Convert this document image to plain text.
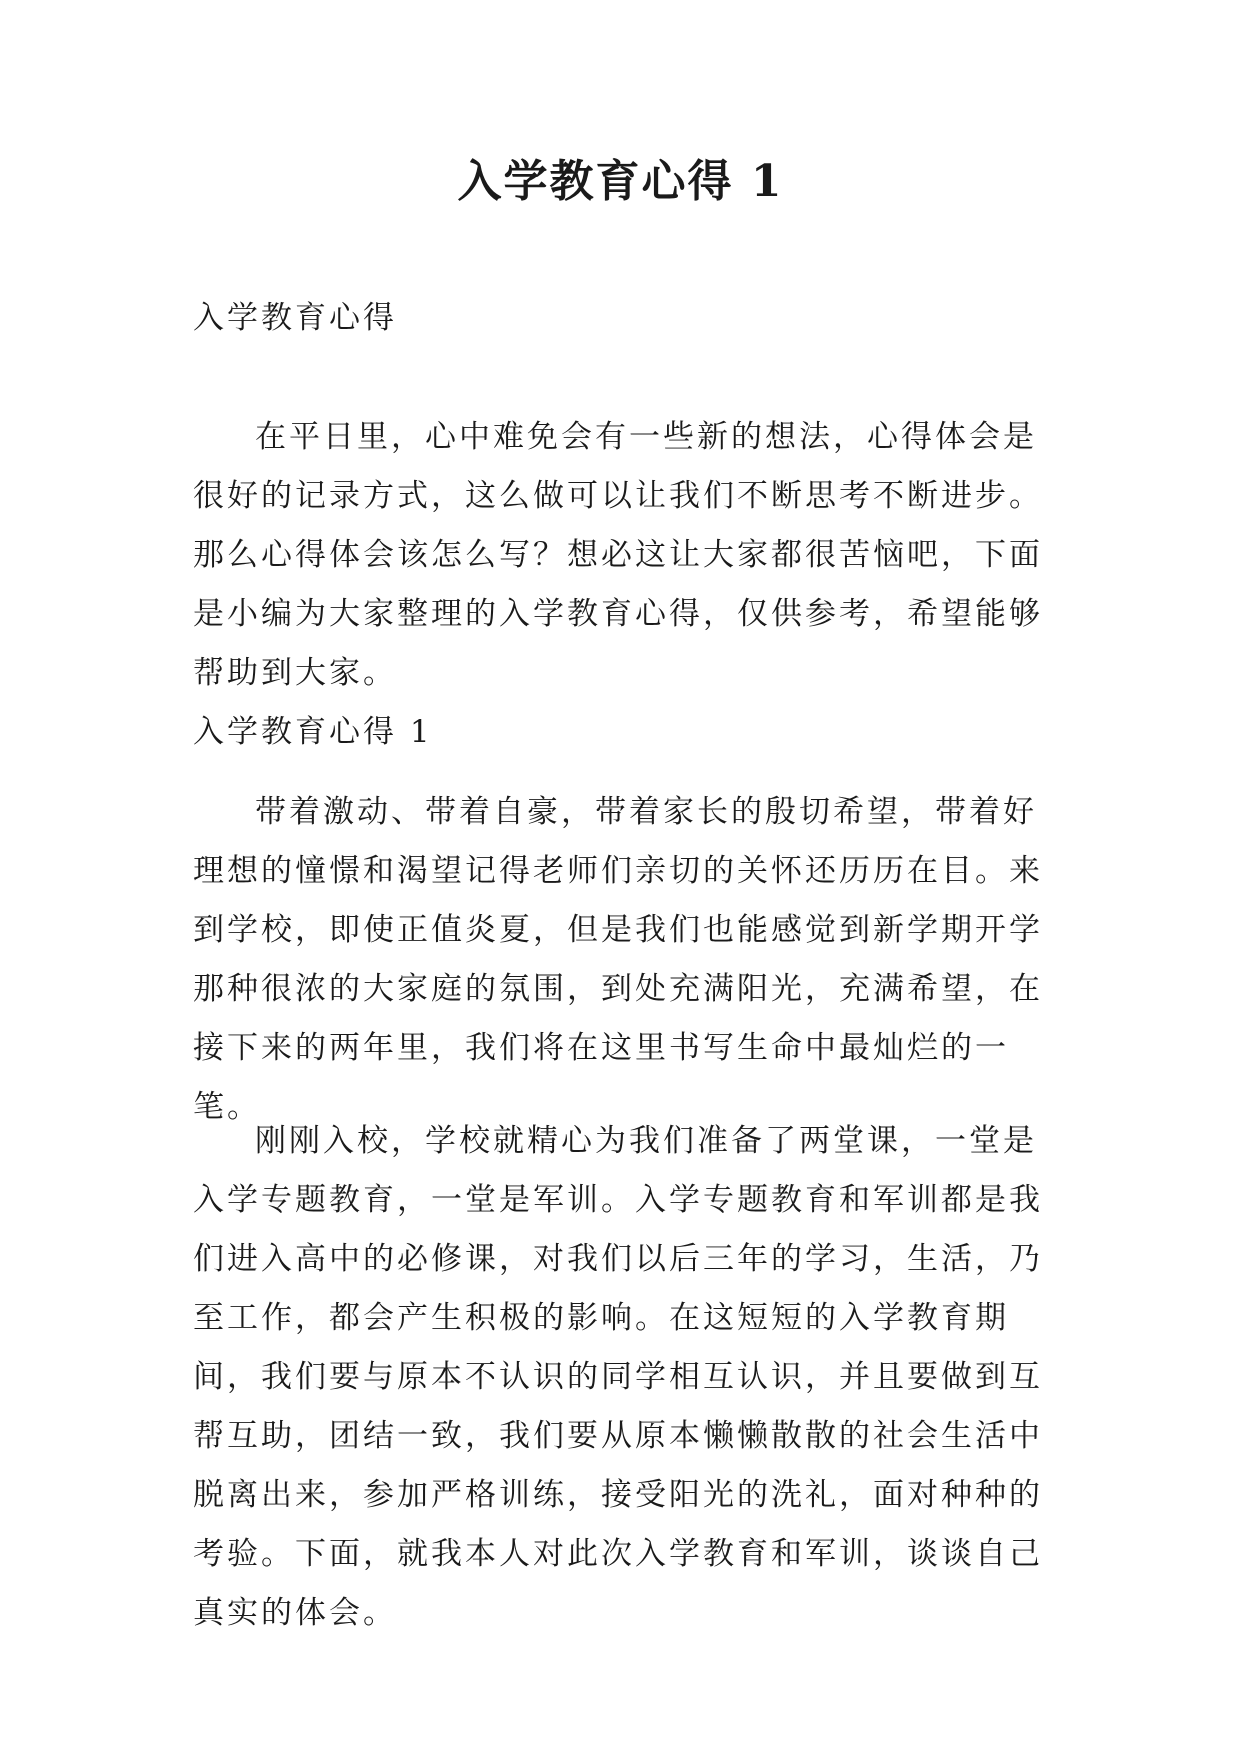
入学教育心得 1
入学教育心得

在平日里，心中难免会有一些新的想法，心得体会是很好的记录方式，这么做可以让我们不断思考不断进步。那么心得体会该怎么写？想必这让大家都很苦恼吧，下面是小编为大家整理的入学教育心得，仅供参考，希望能够帮助到大家。

入学教育心得 1

带着激动、带着自豪，带着家长的殷切希望，带着好理想的憧憬和渴望记得老师们亲切的关怀还历历在目。来到学校，即使正值炎夏，但是我们也能感觉到新学期开学那种很浓的大家庭的氛围，到处充满阳光，充满希望，在接下来的两年里，我们将在这里书写生命中最灿烂的一笔。

刚刚入校，学校就精心为我们准备了两堂课，一堂是入学专题教育，一堂是军训。入学专题教育和军训都是我们进入高中的必修课，对我们以后三年的学习，生活，乃至工作，都会产生积极的影响。在这短短的入学教育期间，我们要与原本不认识的同学相互认识，并且要做到互帮互助，团结一致，我们要从原本懒懒散散的社会生活中脱离出来，参加严格训练，接受阳光的洗礼，面对种种的考验。下面，就我本人对此次入学教育和军训，谈谈自己真实的体会。
